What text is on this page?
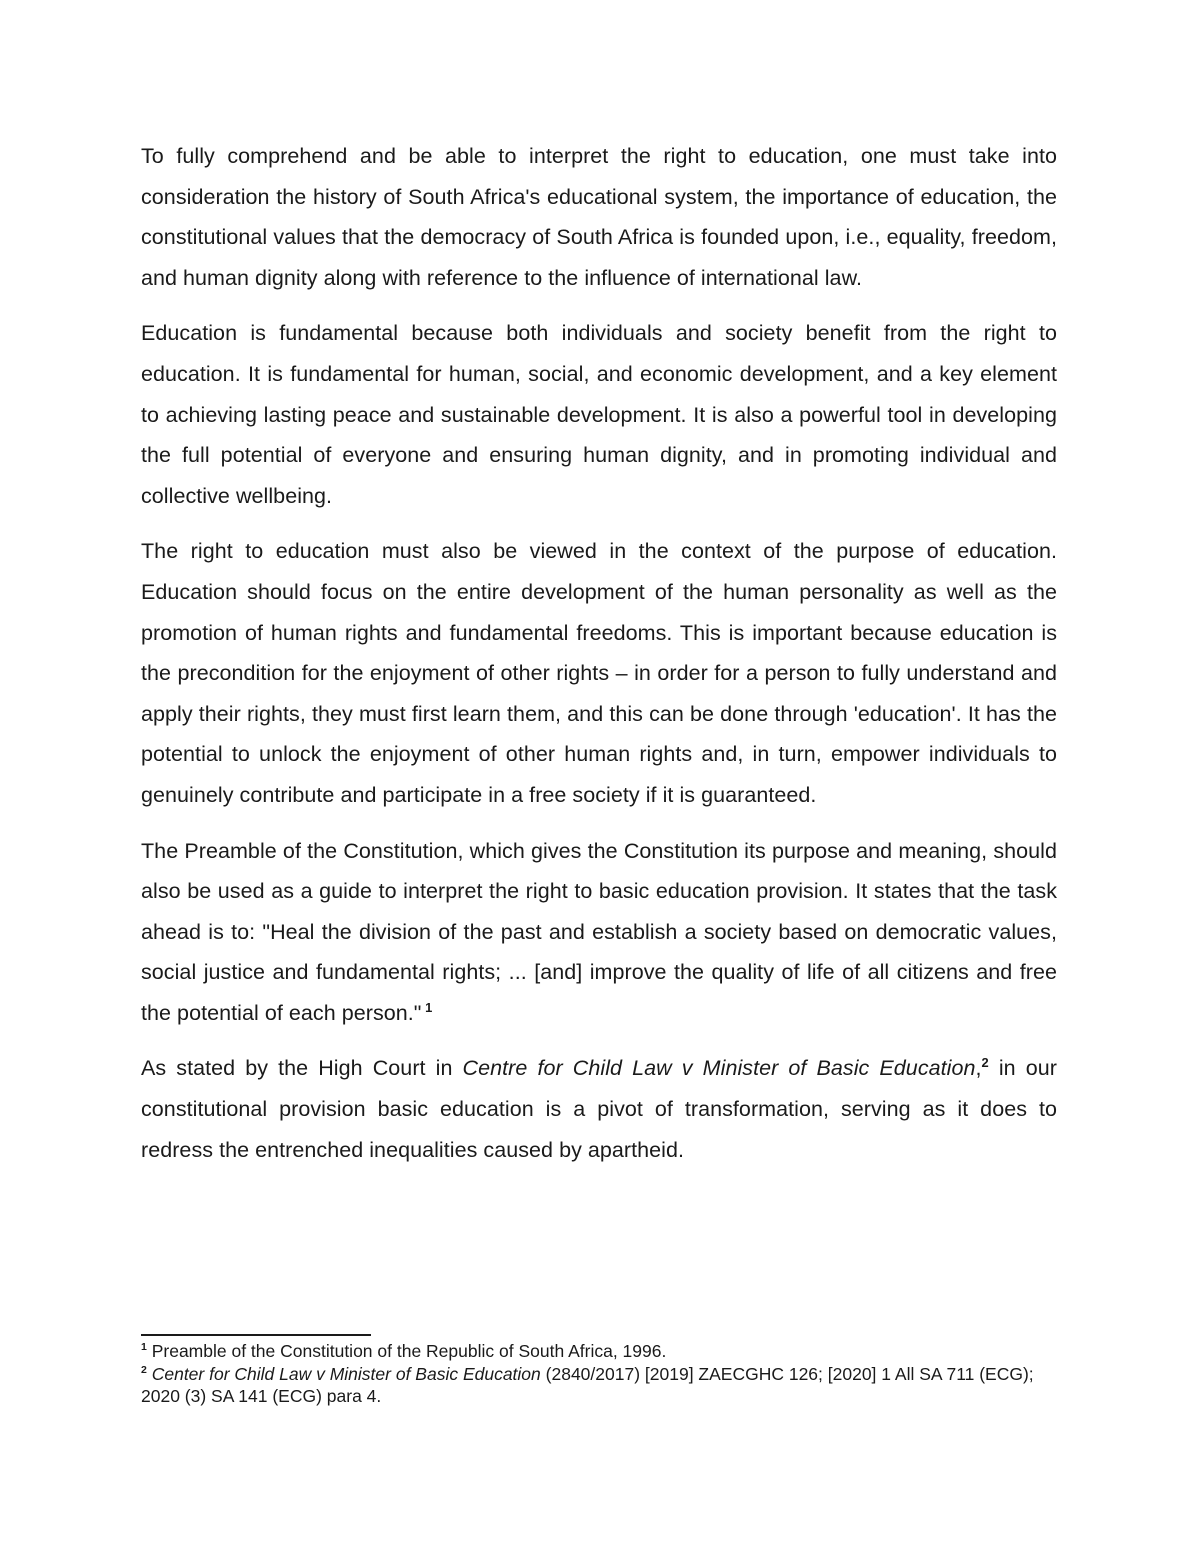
To fully comprehend and be able to interpret the right to education, one must take into consideration the history of South Africa's educational system, the importance of education, the constitutional values that the democracy of South Africa is founded upon, i.e., equality, freedom, and human dignity along with reference to the influence of international law.

Education is fundamental because both individuals and society benefit from the right to education. It is fundamental for human, social, and economic development, and a key element to achieving lasting peace and sustainable development. It is also a powerful tool in developing the full potential of everyone and ensuring human dignity, and in promoting individual and collective wellbeing.

The right to education must also be viewed in the context of the purpose of education. Education should focus on the entire development of the human personality as well as the promotion of human rights and fundamental freedoms. This is important because education is the precondition for the enjoyment of other rights – in order for a person to fully understand and apply their rights, they must first learn them, and this can be done through 'education'. It has the potential to unlock the enjoyment of other human rights and, in turn, empower individuals to genuinely contribute and participate in a free society if it is guaranteed.

The Preamble of the Constitution, which gives the Constitution its purpose and meaning, should also be used as a guide to interpret the right to basic education provision. It states that the task ahead is to: "Heal the division of the past and establish a society based on democratic values, social justice and fundamental rights; ... [and] improve the quality of life of all citizens and free the potential of each person." $^1$

As stated by the High Court in Centre for Child Law v Minister of Basic Education,$^2$ in our constitutional provision basic education is a pivot of transformation, serving as it does to redress the entrenched inequalities caused by apartheid.

$^1$ Preamble of the Constitution of the Republic of South Africa, 1996.

$^2$ Center for Child Law v Minister of Basic Education (2840/2017) [2019] ZAECGHC 126; [2020] 1 All SA 711 (ECG); 2020 (3) SA 141 (ECG) para 4.
